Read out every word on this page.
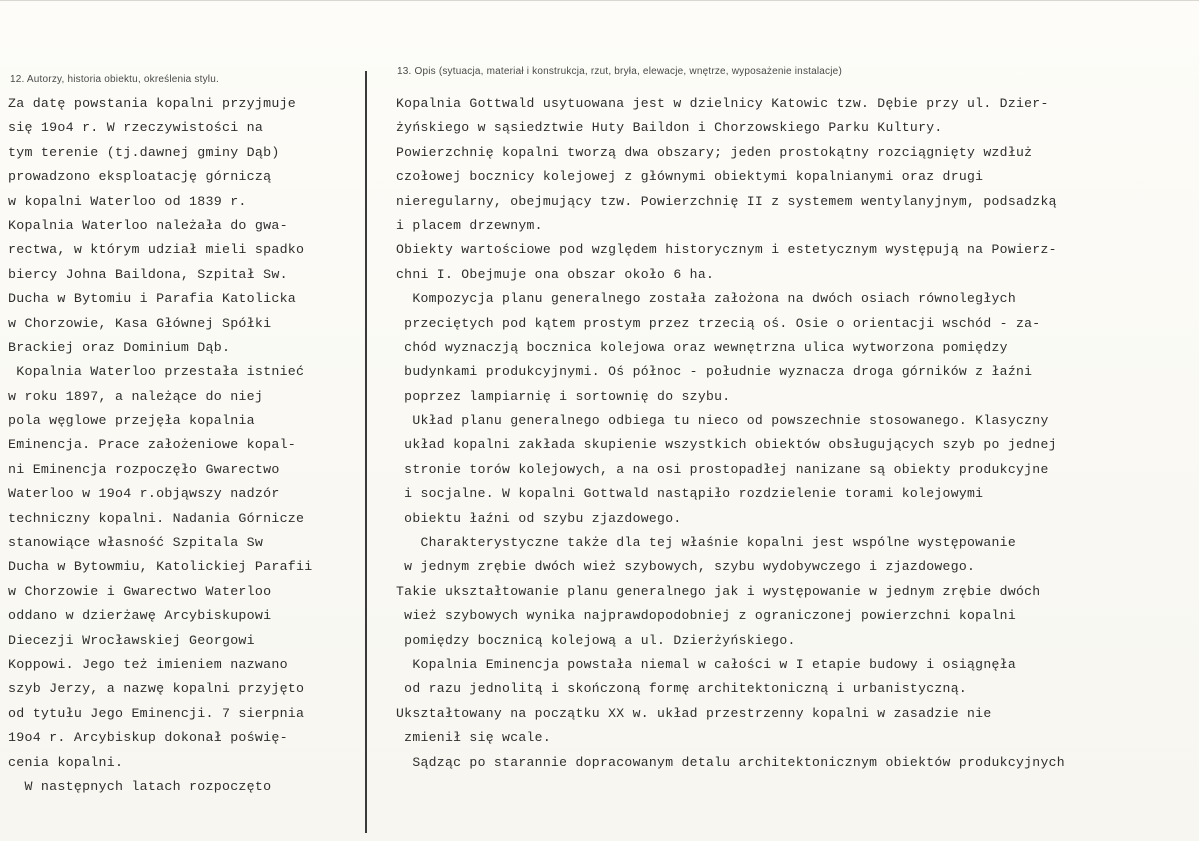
12. Autorzy, historia obiektu, określenia stylu.
13. Opis (sytuacja, materiał i konstrukcja, rzut, bryła, elewacje, wnętrze, wyposażenie instalacje)
Za datę powstania kopalni przyjmuje
się 19o4 r. W rzeczywistości na
tym terenie (tj.dawnej gminy Dąb)
prowadzono eksploatację górniczą
w kopalni Waterloo od 1839 r.
Kopalnia Waterloo należała do gwa-
rectwa, w którym udział mieli spadko
biercy Johna Baildona, Szpitał Sw.
Ducha w Bytomiu i Parafia Katolicka
w Chorzowie, Kasa Głównej Spółki
Brackiej oraz Dominium Dąb.
Kopalnia Waterloo przestała istnieć
w roku 1897, a należące do niej
pola węglowe przejęła kopalnia
Eminencja. Prace założeniowe kopal-
ni Eminencja rozpoczęło Gwarectwo
Waterloo w 19o4 r.objąwszy nadzór
techniczny kopalni. Nadania Górnicze
stanowiące własność Szpitala Sw
Ducha w Bytowmiu, Katolickiej Parafii
w Chorzowie i Gwarectwo Waterloo
oddano w dzierżawę Arcybiskupowi
Diecezji Wrocławskiej Georgowi
Koppowi. Jego też imieniem nazwano
szyb Jerzy, a nazwę kopalni przyjęto
od tytułu Jego Eminencji. 7 sierpnia
19o4 r. Arcybiskup dokonał poświę-
cenia kopalni.
W następnych latach rozpoczęto
Kopalnia Gottwald usytuowana jest w dzielnicy Katowic tzw. Dębie przy ul. Dzier-
żyńskiego w sąsiedztwie Huty Baildon i Chorzowskiego Parku Kultury.
Powierzchnię kopalni tworzą dwa obszary; jeden prostokątny rozciągnięty wzdłuż
czołowej bocznicy kolejowej z głównymi obiektymi kopalnianymi oraz drugi
nieregularny, obejmujący tzw. Powierzchnię II z systemem wentylanyjnym, podsadzką
i placem drzewnym.
Obiekty wartościowe pod względem historycznym i estetycznym występują na Powierz-
chni I. Obejmuje ona obszar około 6 ha.
Kompozycja planu generalnego została założona na dwóch osiach równoległych
przeciętych pod kątem prostym przez trzecią oś. Osie o orientacji wschód - za-
chód wyznaczją bocznica kolejowa oraz wewnętrzna ulica wytworzona pomiędzy
budynkami produkcyjnymi. Oś północ - południe wyznacza droga górników z łaźni
poprzez lampiarnię i sortownię do szybu.
Układ planu generalnego odbiega tu nieco od powszechnie stosowanego. Klasyczny
układ kopalni zakłada skupienie wszystkich obiektów obsługujących szyb po jednej
stronie torów kolejowych, a na osi prostopadłej nanizane są obiekty produkcyjne
i socjalne. W kopalni Gottwald nastąpiło rozdzielenie torami kolejowymi
obiektu łaźni od szybu zjazdowego.
Charakterystyczne także dla tej właśnie kopalni jest wspólne występowanie
w jednym zrębie dwóch wież szybowych, szybu wydobywczego i zjazdowego.
Takie ukształtowanie planu generalnego jak i występowanie w jednym zrębie dwóch
wież szybowych wynika najprawdopodobniej z ograniczonej powierzchni kopalni
pomiędzy bocznicą kolejową a ul. Dzierżyńskiego.
Kopalnia Eminencja powstała niemal w całości w I etapie budowy i osiągnęła
od razu jednolitą i skończoną formę architektoniczną i urbanistyczną.
Ukształtowany na początku XX w. układ przestrzenny kopalni w zasadzie nie
zmienił się wcale.
Sądząc po starannie dopracowanym detalu architektonicznym obiektów produkcyjnych
